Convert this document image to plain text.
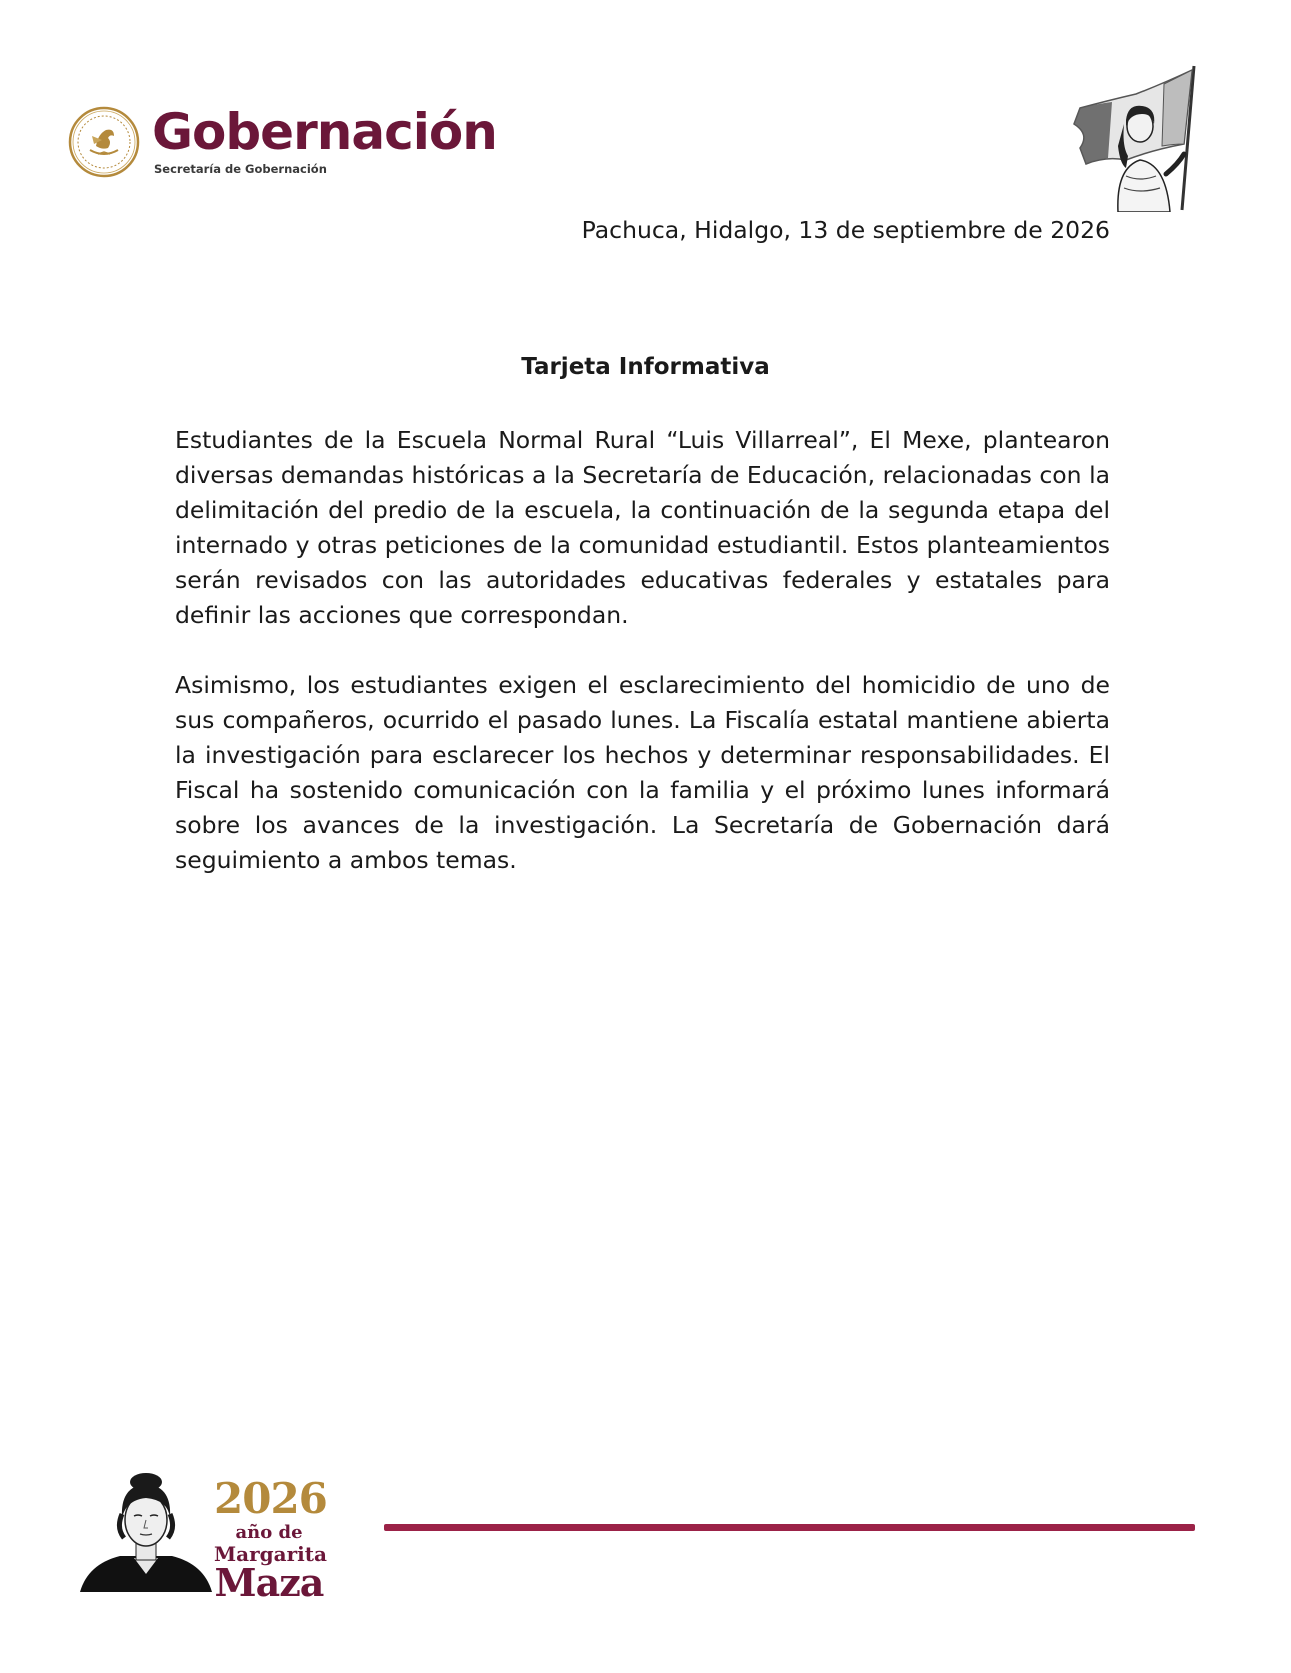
Gobernación
Secretaría de Gobernación
Pachuca, Hidalgo, 13 de septiembre de 2026
Tarjeta Informativa

Estudiantes de la Escuela Normal Rural “Luis Villarreal”, El Mexe, plantearon diversas demandas históricas a la Secretaría de Educación, relacionadas con la delimitación del predio de la escuela, la continuación de la segunda etapa del internado y otras peticiones de la comunidad estudiantil. Estos planteamientos serán revisados con las autoridades educativas federales y estatales para definir las acciones que correspondan.

Asimismo, los estudiantes exigen el esclarecimiento del homicidio de uno de sus compañeros, ocurrido el pasado lunes. La Fiscalía estatal mantiene abierta la investigación para esclarecer los hechos y determinar responsabilidades. El Fiscal ha sostenido comunicación con la familia y el próximo lunes informará sobre los avances de la investigación. La Secretaría de Gobernación dará seguimiento a ambos temas.

2026
año de
Margarita
Maza
